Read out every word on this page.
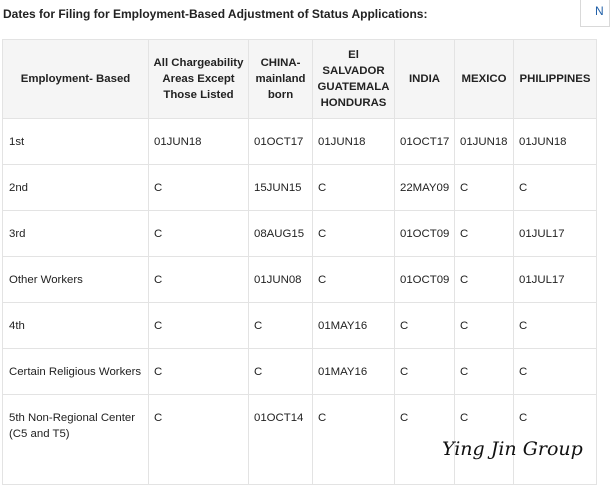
Dates for Filing for Employment-Based Adjustment of Status Applications:	N
Employment- Based	All Chargeability Areas Except Those Listed	CHINA-mainland born	El SALVADOR GUATEMALA HONDURAS	INDIA	MEXICO	PHILIPPINES
1st	01JUN18	01OCT17	01JUN18	01OCT17	01JUN18	01JUN18
2nd	C	15JUN15	C	22MAY09	C	C
3rd	C	08AUG15	C	01OCT09	C	01JUL17
Other Workers	C	01JUN08	C	01OCT09	C	01JUL17
4th	C	C	01MAY16	C	C	C
Certain Religious Workers	C	C	01MAY16	C	C	C
5th Non-Regional Center (C5 and T5)	C	01OCT14	C	C	C	C
Ying Jin Group
